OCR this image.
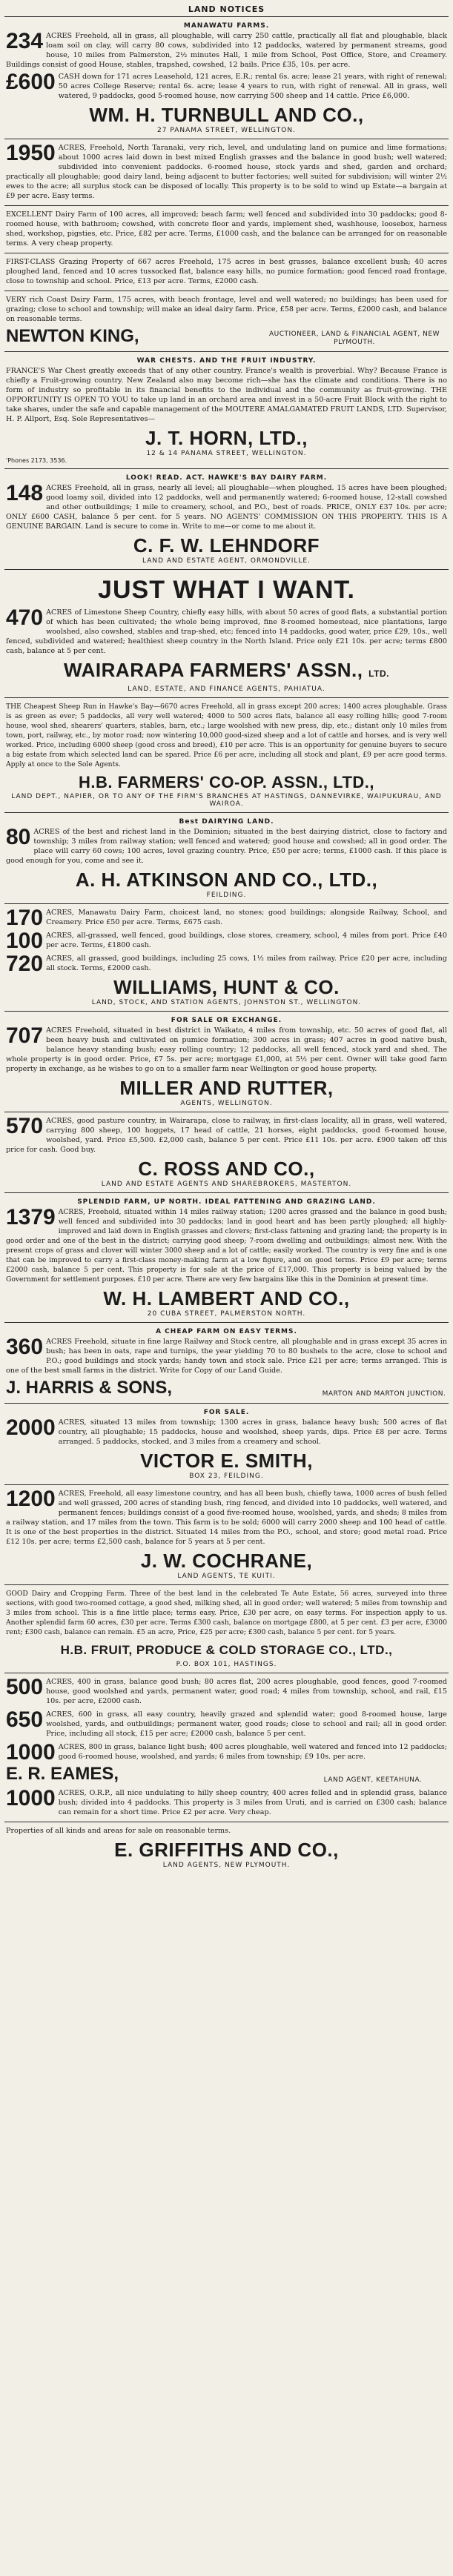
LAND NOTICES
MANAWATU FARMS.

234 ACRES Freehold, all in grass, all ploughable, will carry 250 cattle, practically all flat and ploughable, black loam soil on clay, will carry 80 cows, subdivided into 12 paddocks, watered by permanent streams, good house, 10 miles from Palmerston, 2½ minutes Hall, 1 mile from School, Post Office, Store, and Creamery. Buildings consist of good House, stables, trapshed, cowshed, 12 bails. Price £35, 10s. per acre.

£600 CASH down for 171 acres Leasehold, 121 acres, E.R.; rental 6s. acre; lease 21 years, with right of renewal; 50 acres College Reserve; rental 6s. acre; lease 4 years to run, with right of renewal. All in grass, well watered, 9 paddocks, good 5-roomed house, now carrying 500 sheep and 14 cattle. Price £6,000.

WM. H. TURNBULL AND CO.,
27 PANAMA STREET, WELLINGTON.

1950 ACRES, Freehold, North Taranaki, very rich, level, and undulating land on pumice and lime formations; about 1000 acres laid down in best mixed English grasses and the balance in good bush; well watered; subdivided into convenient paddocks. 6-roomed house, stock yards and shed, garden and orchard; practically all ploughable; good dairy land, being adjacent to butter factories; well suited for subdivision; will winter 2½ ewes to the acre; all surplus stock can be disposed of locally. This property is to be sold to wind up Estate—a bargain at £9 per acre. Easy terms.

EXCELLENT Dairy Farm of 100 acres, all improved; beach farm; well fenced and subdivided into 30 paddocks; good 8-roomed house, with bathroom; cowshed, with concrete floor and yards, implement shed, washhouse, loosebox, harness shed, workshop, pigsties, etc. Price, £82 per acre. Terms, £1000 cash, and the balance can be arranged for on reasonable terms. A very cheap property.

FIRST-CLASS Grazing Property of 667 acres Freehold, 175 acres in best grasses, balance excellent bush; 40 acres ploughed land, fenced and 10 acres tussocked flat, balance easy hills, no pumice formation; good fenced road frontage, close to township and school. Price, £13 per acre. Terms, £2000 cash.

VERY rich Coast Dairy Farm, 175 acres, with beach frontage, level and well watered; no buildings; has been used for grazing; close to school and township; will make an ideal dairy farm. Price, £58 per acre. Terms, £2000 cash, and balance on reasonable terms.

NEWTON KING,	AUCTIONEER, LAND & FINANCIAL AGENT, NEW PLYMOUTH.
WAR CHESTS. AND THE FRUIT INDUSTRY.

FRANCE'S War Chest greatly exceeds that of any other country. France's wealth is proverbial. Why? Because France is chiefly a Fruit-growing country. New Zealand also may become rich—she has the climate and conditions. There is no form of industry so profitable in its financial benefits to the individual and the community as fruit-growing. THE OPPORTUNITY IS OPEN TO YOU to take up land in an orchard area and invest in a 50-acre Fruit Block with the right to take shares, under the safe and capable management of the MOUTERE AMALGAMATED FRUIT LANDS, LTD. Supervisor, H. P. Allport, Esq. Sole Representatives—

J. T. HORN, LTD.,
12 & 14 PANAMA STREET, WELLINGTON.
'Phones 2173, 3536.
LOOK! READ. ACT. HAWKE'S BAY DAIRY FARM.

148 ACRES Freehold, all in grass, nearly all level; all ploughable—when ploughed. 15 acres have been ploughed; good loamy soil, divided into 12 paddocks, well and permanently watered; 6-roomed house, 12-stall cowshed and other outbuildings; 1 mile to creamery, school, and P.O., best of roads. PRICE, ONLY £37 10s. per acre; ONLY £600 CASH, balance 5 per cent. for 5 years. NO AGENTS' COMMISSION ON THIS PROPERTY. THIS IS A GENUINE BARGAIN. Land is secure to come in. Write to me—or come to me about it.

C. F. W. LEHNDORF
LAND AND ESTATE AGENT, ORMONDVILLE.
JUST WHAT I WANT.

470 ACRES of Limestone Sheep Country, chiefly easy hills, with about 50 acres of good flats, a substantial portion of which has been cultivated; the whole being improved, fine 8-roomed homestead, nice plantations, large woolshed, also cowshed, stables and trap-shed, etc; fenced into 14 paddocks, good water, price £29, 10s., well fenced, subdivided and watered; healthiest sheep country in the North Island. Price only £21 10s. per acre; terms £800 cash, balance at 5 per cent.

WAIRARAPA FARMERS' ASSN., LTD.
LAND, ESTATE, AND FINANCE AGENTS, PAHIATUA.

THE Cheapest Sheep Run in Hawke's Bay—6670 acres Freehold, all in grass except 200 acres; 1400 acres ploughable. Grass is as green as ever; 5 paddocks, all very well watered; 4000 to 500 acres flats, balance all easy rolling hills; good 7-room house, wool shed, shearers' quarters, stables, barn, etc.; large woolshed with new press, dip, etc.; distant only 10 miles from town, port, railway, etc., by motor road; now wintering 10,000 good-sized sheep and a lot of cattle and horses, and is very well worked. Price, including 6000 sheep (good cross and breed), £10 per acre. This is an opportunity for genuine buyers to secure a big estate from which selected land can be spared. Price £6 per acre, including all stock and plant, £9 per acre good terms. Apply at once to the Sole Agents.

H.B. FARMERS' CO-OP. ASSN., LTD.,
LAND DEPT., NAPIER, OR TO ANY OF THE FIRM'S BRANCHES AT HASTINGS, DANNEVIRKE, WAIPUKURAU, AND WAIROA.
Best DAIRYING LAND.

80 ACRES of the best and richest land in the Dominion; situated in the best dairying district, close to factory and township; 3 miles from railway station; well fenced and watered; good house and cowshed; all in good order. The place will carry 60 cows; 100 acres, level grazing country. Price, £50 per acre; terms, £1000 cash. If this place is good enough for you, come and see it.

A. H. ATKINSON AND CO., LTD.,
FEILDING.

170 ACRES, Manawatu Dairy Farm, choicest land, no stones; good buildings; alongside Railway, School, and Creamery. Price £50 per acre. Terms, £675 cash.

100 ACRES, all-grassed, well fenced, good buildings, close stores, creamery, school, 4 miles from port. Price £40 per acre. Terms, £1800 cash.

720 ACRES, all grassed, good buildings, including 25 cows, 1½ miles from railway. Price £20 per acre, including all stock. Terms, £2000 cash.

WILLIAMS, HUNT & CO.
LAND, STOCK, AND STATION AGENTS, JOHNSTON ST., WELLINGTON.
FOR SALE OR EXCHANGE.

707 ACRES Freehold, situated in best district in Waikato, 4 miles from township, etc. 50 acres of good flat, all been heavy bush and cultivated on pumice formation; 300 acres in grass; 407 acres in good native bush, balance heavy standing bush; easy rolling country; 12 paddocks, all well fenced, stock yard and shed. The whole property is in good order. Price, £7 5s. per acre; mortgage £1,000, at 5½ per cent. Owner will take good farm property in exchange, as he wishes to go on to a smaller farm near Wellington or good house property.

MILLER AND RUTTER,
AGENTS, WELLINGTON.

570 ACRES, good pasture country, in Wairarapa, close to railway, in first-class locality, all in grass, well watered, carrying 800 sheep, 100 hoggets, 17 head of cattle, 21 horses, eight paddocks, good 6-roomed house, woolshed, yard. Price £5,500. £2,000 cash, balance 5 per cent. Price £11 10s. per acre. £900 taken off this price for cash. Good buy.

C. ROSS AND CO.,
LAND AND ESTATE AGENTS AND SHAREBROKERS, MASTERTON.
SPLENDID FARM, UP NORTH. IDEAL FATTENING AND GRAZING LAND.

1379 ACRES, Freehold, situated within 14 miles railway station; 1200 acres grassed and the balance in good bush; well fenced and subdivided into 30 paddocks; land in good heart and has been partly ploughed; all highly-improved and laid down in English grasses and clovers; first-class fattening and grazing land; the property is in good order and one of the best in the district; carrying good sheep; 7-room dwelling and outbuildings; almost new. With the present crops of grass and clover will winter 3000 sheep and a lot of cattle; easily worked. The country is very fine and is one that can be improved to carry a first-class money-making farm at a low figure, and on good terms. Price £9 per acre; terms £2000 cash, balance 5 per cent. This property is for sale at the price of £17,000. This property is being valued by the Government for settlement purposes. £10 per acre. There are very few bargains like this in the Dominion at present time.

W. H. LAMBERT AND CO.,
20 CUBA STREET, PALMERSTON NORTH.
A CHEAP FARM ON EASY TERMS.

360 ACRES Freehold, situate in fine large Railway and Stock centre, all ploughable and in grass except 35 acres in bush; has been in oats, rape and turnips, the year yielding 70 to 80 bushels to the acre, close to school and P.O.; good buildings and stock yards; handy town and stock sale. Price £21 per acre; terms arranged. This is one of the best small farms in the district. Write for Copy of our Land Guide.

J. HARRIS & SONS,	MARTON AND MARTON JUNCTION.
FOR SALE.

2000 ACRES, situated 13 miles from township; 1300 acres in grass, balance heavy bush; 500 acres of flat country, all ploughable; 15 paddocks, house and woolshed, sheep yards, dips. Price £8 per acre. Terms arranged. 5 paddocks, stocked, and 3 miles from a creamery and school.

VICTOR E. SMITH,
BOX 23, FEILDING.

1200 ACRES, Freehold, all easy limestone country, and has all been bush, chiefly tawa, 1000 acres of bush felled and well grassed, 200 acres of standing bush, ring fenced, and divided into 10 paddocks, well watered, and permanent fences; buildings consist of a good five-roomed house, woolshed, yards, and sheds; 8 miles from a railway station, and 17 miles from the town. This farm is to be sold; 6000 will carry 2000 sheep and 100 head of cattle. It is one of the best properties in the district. Situated 14 miles from the P.O., school, and store; good metal road. Price £12 10s. per acre; terms £2,500 cash, balance for 5 years at 5 per cent.

J. W. COCHRANE,
LAND AGENTS, TE KUITI.

GOOD Dairy and Cropping Farm. Three of the best land in the celebrated Te Aute Estate, 56 acres, surveyed into three sections, with good two-roomed cottage, a good shed, milking shed, all in good order; well watered; 5 miles from township and 3 miles from school. This is a fine little place; terms easy. Price, £30 per acre, on easy terms. For inspection apply to us. Another splendid farm 60 acres, £30 per acre. Terms £300 cash, balance on mortgage £800, at 5 per cent. £3 per acre, £3000 rent; £300 cash, balance can remain. £5 an acre, Price, £25 per acre; £300 cash, balance 5 per cent. for 5 years.

H.B. FRUIT, PRODUCE & COLD STORAGE CO., LTD.,
P.O. BOX 101, HASTINGS.

500 ACRES, 400 in grass, balance good bush; 80 acres flat, 200 acres ploughable, good fences, good 7-roomed house, good woolshed and yards, permanent water, good road; 4 miles from township, school, and rail, £15 10s. per acre, £2000 cash.

650 ACRES, 600 in grass, all easy country, heavily grazed and splendid water; good 8-roomed house, large woolshed, yards, and outbuildings; permanent water, good roads; close to school and rail; all in good order. Price, including all stock, £15 per acre; £2000 cash, balance 5 per cent.

1000 ACRES, 800 in grass, balance light bush; 400 acres ploughable, well watered and fenced into 12 paddocks; good 6-roomed house, woolshed, and yards; 6 miles from township; £9 10s. per acre.

E. R. EAMES,	LAND AGENT, KEETAHUNA.

1000 ACRES, O.R.P., all nice undulating to hilly sheep country, 400 acres felled and in splendid grass, balance bush; divided into 4 paddocks. This property is 3 miles from Uruti, and is carried on £300 cash; balance can remain for a short time. Price £2 per acre. Very cheap.

Properties of all kinds and areas for sale on reasonable terms.

E. GRIFFITHS AND CO.,
LAND AGENTS, NEW PLYMOUTH.
